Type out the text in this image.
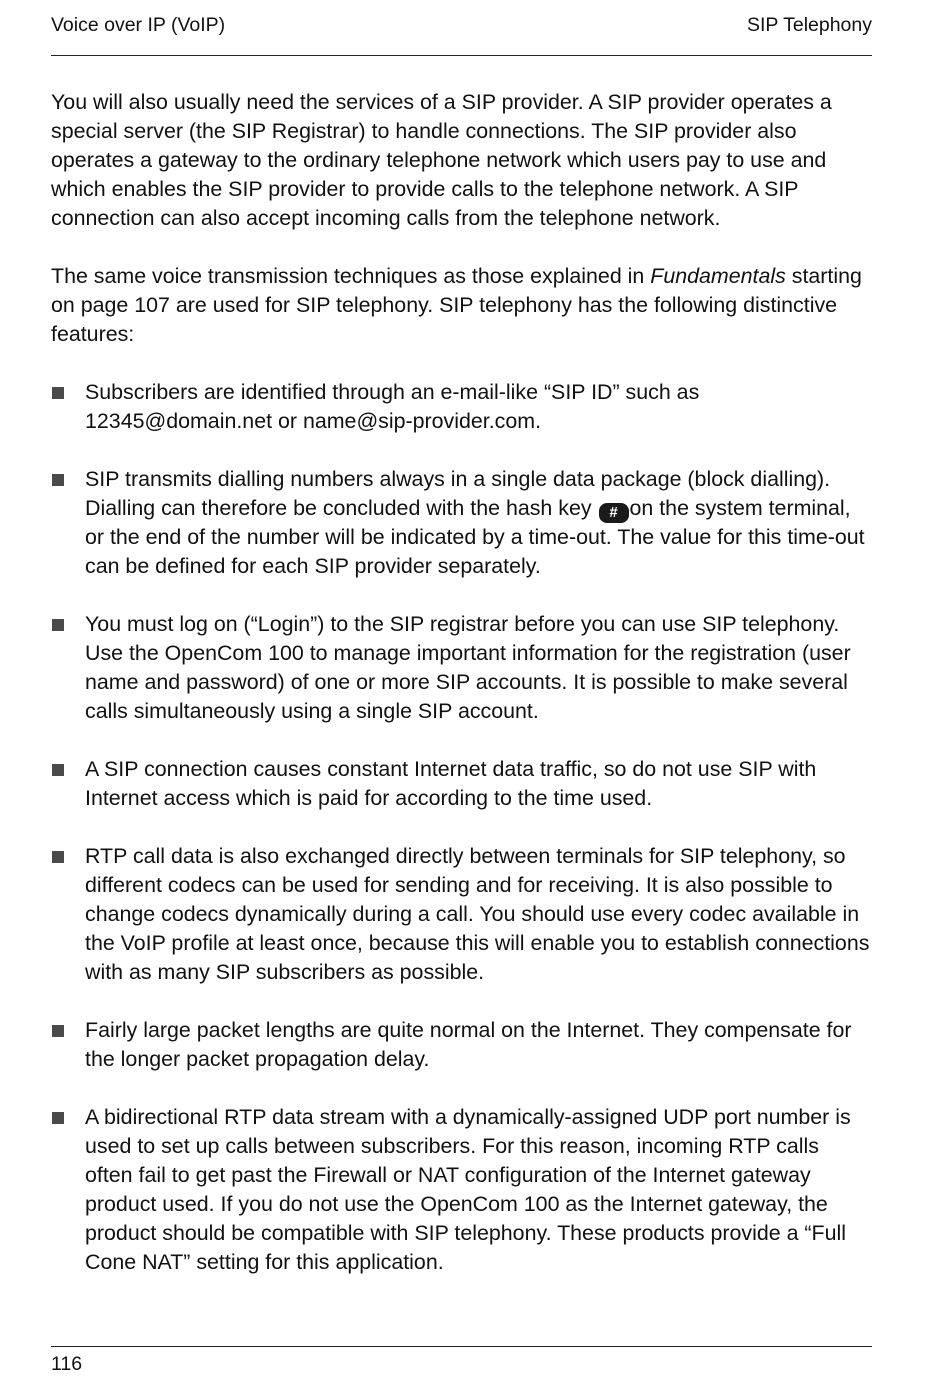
Voice over IP (VoIP)	SIP Telephony

You will also usually need the services of a SIP provider. A SIP provider operates a special server (the SIP Registrar) to handle connections. The SIP provider also operates a gateway to the ordinary telephone network which users pay to use and which enables the SIP provider to provide calls to the telephone network. A SIP connection can also accept incoming calls from the telephone network.

The same voice transmission techniques as those explained in Fundamentals starting on page 107 are used for SIP telephony. SIP telephony has the following distinctive features:

Subscribers are identified through an e-mail-like “SIP ID” such as 12345@domain.net or name@sip-provider.com.
SIP transmits dialling numbers always in a single data package (block dialling). Dialling can therefore be concluded with the hash key # on the system terminal, or the end of the number will be indicated by a time-out. The value for this time-out can be defined for each SIP provider separately.
You must log on (“Login”) to the SIP registrar before you can use SIP telephony. Use the OpenCom 100 to manage important information for the registration (user name and password) of one or more SIP accounts. It is possible to make several calls simultaneously using a single SIP account.
A SIP connection causes constant Internet data traffic, so do not use SIP with Internet access which is paid for according to the time used.
RTP call data is also exchanged directly between terminals for SIP telephony, so different codecs can be used for sending and for receiving. It is also possible to change codecs dynamically during a call. You should use every codec available in the VoIP profile at least once, because this will enable you to establish connections with as many SIP subscribers as possible.
Fairly large packet lengths are quite normal on the Internet. They compensate for the longer packet propagation delay.
A bidirectional RTP data stream with a dynamically-assigned UDP port number is used to set up calls between subscribers. For this reason, incoming RTP calls often fail to get past the Firewall or NAT configuration of the Internet gateway product used. If you do not use the OpenCom 100 as the Internet gateway, the product should be compatible with SIP telephony. These products provide a “Full Cone NAT” setting for this application.
116
